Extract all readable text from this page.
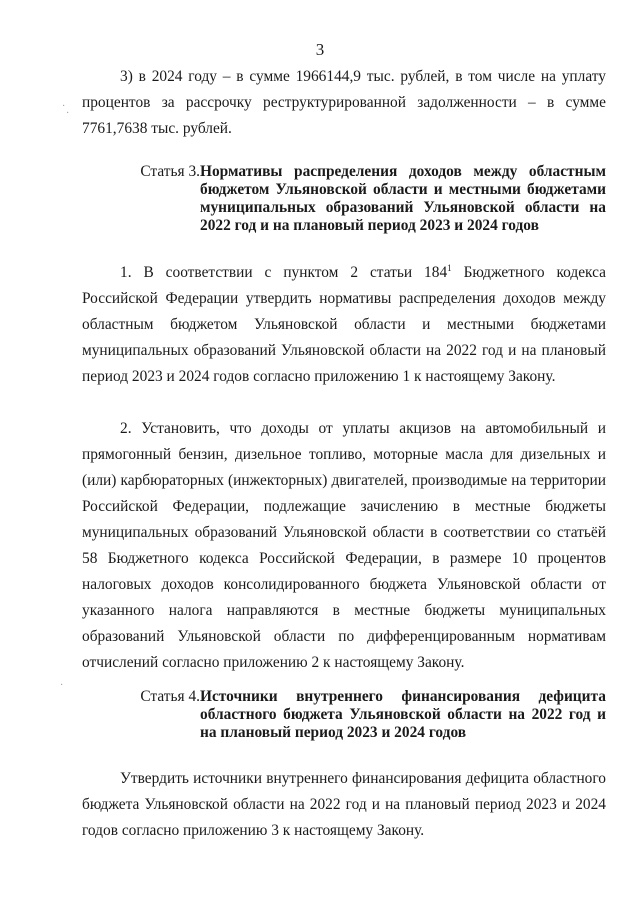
3

3) в 2024 году – в сумме 1966144,9 тыс. рублей, в том числе на уплату процентов за рассрочку реструктурированной задолженности – в сумме 7761,7638 тыс. рублей.

Статья 3. Нормативы распределения доходов между областным бюджетом Ульяновской области и местными бюджетами муниципальных образований Ульяновской области на 2022 год и на плановый период 2023 и 2024 годов

1. В соответствии с пунктом 2 статьи $184^1$ Бюджетного кодекса Российской Федерации утвердить нормативы распределения доходов между областным бюджетом Ульяновской области и местными бюджетами муниципальных образований Ульяновской области на 2022 год и на плановый период 2023 и 2024 годов согласно приложению 1 к настоящему Закону.

2. Установить, что доходы от уплаты акцизов на автомобильный и прямогонный бензин, дизельное топливо, моторные масла для дизельных и (или) карбюраторных (инжекторных) двигателей, производимые на территории Российской Федерации, подлежащие зачислению в местные бюджеты муниципальных образований Ульяновской области в соответствии со статьёй 58 Бюджетного кодекса Российской Федерации, в размере 10 процентов налоговых доходов консолидированного бюджета Ульяновской области от указанного налога направляются в местные бюджеты муниципальных образований Ульяновской области по дифференцированным нормативам отчислений согласно приложению 2 к настоящему Закону.

Статья 4. Источники внутреннего финансирования дефицита областного бюджета Ульяновской области на 2022 год и на плановый период 2023 и 2024 годов

Утвердить источники внутреннего финансирования дефицита областного бюджета Ульяновской области на 2022 год и на плановый период 2023 и 2024 годов согласно приложению 3 к настоящему Закону.

·
·
·
